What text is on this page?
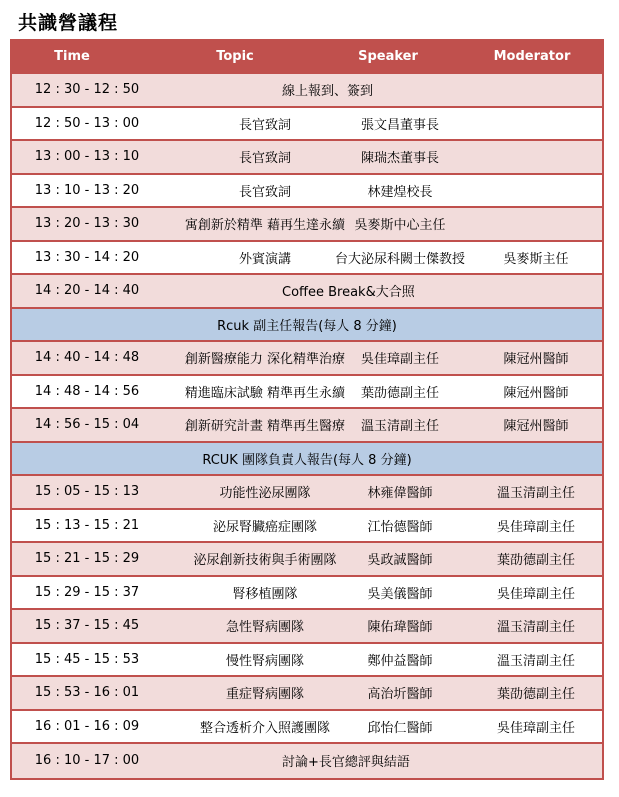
共識營議程
Time	Topic	Speaker	Moderator
12 : 30 - 12 : 50	線上報到、簽到
12 : 50 - 13 : 00	長官致詞	張文昌董事長
13 : 00 - 13 : 10	長官致詞	陳瑞杰董事長
13 : 10 - 13 : 20	長官致詞	林建煌校長
13 : 20 - 13 : 30	寓創新於精準 藉再生達永續 吳麥斯中心主任
13 : 30 - 14 : 20	外賓演講	台大泌尿科闕士傑教授	吳麥斯主任
14 : 20 - 14 : 40	Coffee Break&大合照
Rcuk 副主任報告(每人 8 分鐘)
14 : 40 - 14 : 48	創新醫療能力 深化精準治療	吳佳璋副主任	陳冠州醫師
14 : 48 - 14 : 56	精進臨床試驗 精準再生永續	葉劭德副主任	陳冠州醫師
14 : 56 - 15 : 04	創新研究計畫 精準再生醫療	溫玉清副主任	陳冠州醫師
RCUK 團隊負責人報告(每人 8 分鐘)
15 : 05 - 15 : 13	功能性泌尿團隊	林雍偉醫師	溫玉清副主任
15 : 13 - 15 : 21	泌尿腎臟癌症團隊	江怡德醫師	吳佳璋副主任
15 : 21 - 15 : 29	泌尿創新技術與手術團隊	吳政誠醫師	葉劭德副主任
15 : 29 - 15 : 37	腎移植團隊	吳美儀醫師	吳佳璋副主任
15 : 37 - 15 : 45	急性腎病團隊	陳佑瑋醫師	溫玉清副主任
15 : 45 - 15 : 53	慢性腎病團隊	鄭仲益醫師	溫玉清副主任
15 : 53 - 16 : 01	重症腎病團隊	高治圻醫師	葉劭德副主任
16 : 01 - 16 : 09	整合透析介入照護團隊	邱怡仁醫師	吳佳璋副主任
16 : 10 - 17 : 00	討論+長官總評與結語
